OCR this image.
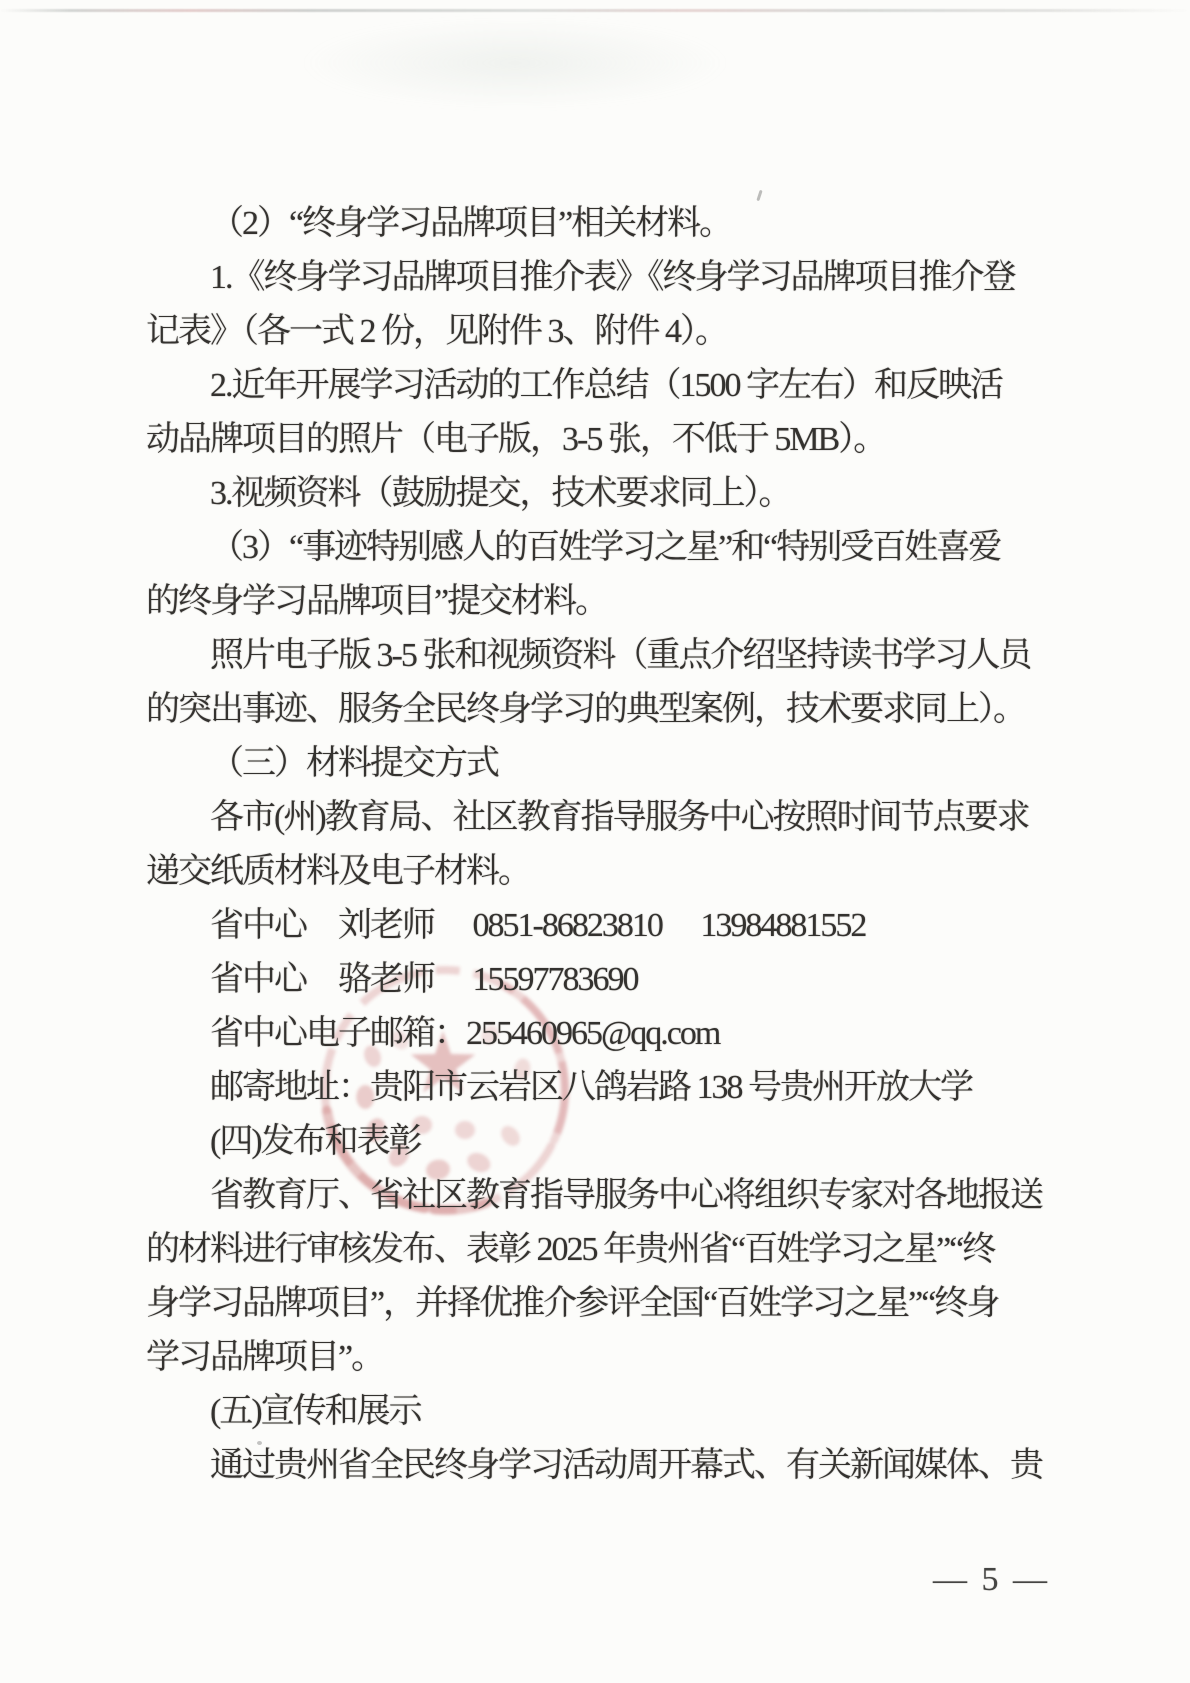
（2）“终身学习品牌项目”相关材料。
1.《终身学习品牌项目推介表》《终身学习品牌项目推介登
记表》（各一式 2 份，见附件 3、附件 4）。
2.近年开展学习活动的工作总结（1500 字左右）和反映活
动品牌项目的照片（电子版，3-5 张，不低于 5MB）。
3.视频资料（鼓励提交，技术要求同上）。
（3）“事迹特别感人的百姓学习之星”和“特别受百姓喜爱
的终身学习品牌项目”提交材料。
照片电子版 3-5 张和视频资料（重点介绍坚持读书学习人员
的突出事迹、服务全民终身学习的典型案例，技术要求同上）。
（三）材料提交方式
各市(州)教育局、社区教育指导服务中心按照时间节点要求
递交纸质材料及电子材料。
省中心　刘老师　 0851-86823810 　13984881552
省中心　骆老师　 15597783690
省中心电子邮箱：255460965@qq.com
邮寄地址：贵阳市云岩区八鸽岩路 138 号贵州开放大学
(四)发布和表彰
省教育厅、省社区教育指导服务中心将组织专家对各地报送
的材料进行审核发布、表彰 2025 年贵州省“百姓学习之星”“终
身学习品牌项目”，并择优推介参评全国“百姓学习之星”“终身
学习品牌项目”。
(五)宣传和展示
通过贵州省全民终身学习活动周开幕式、有关新闻媒体、贵
— 5 —
